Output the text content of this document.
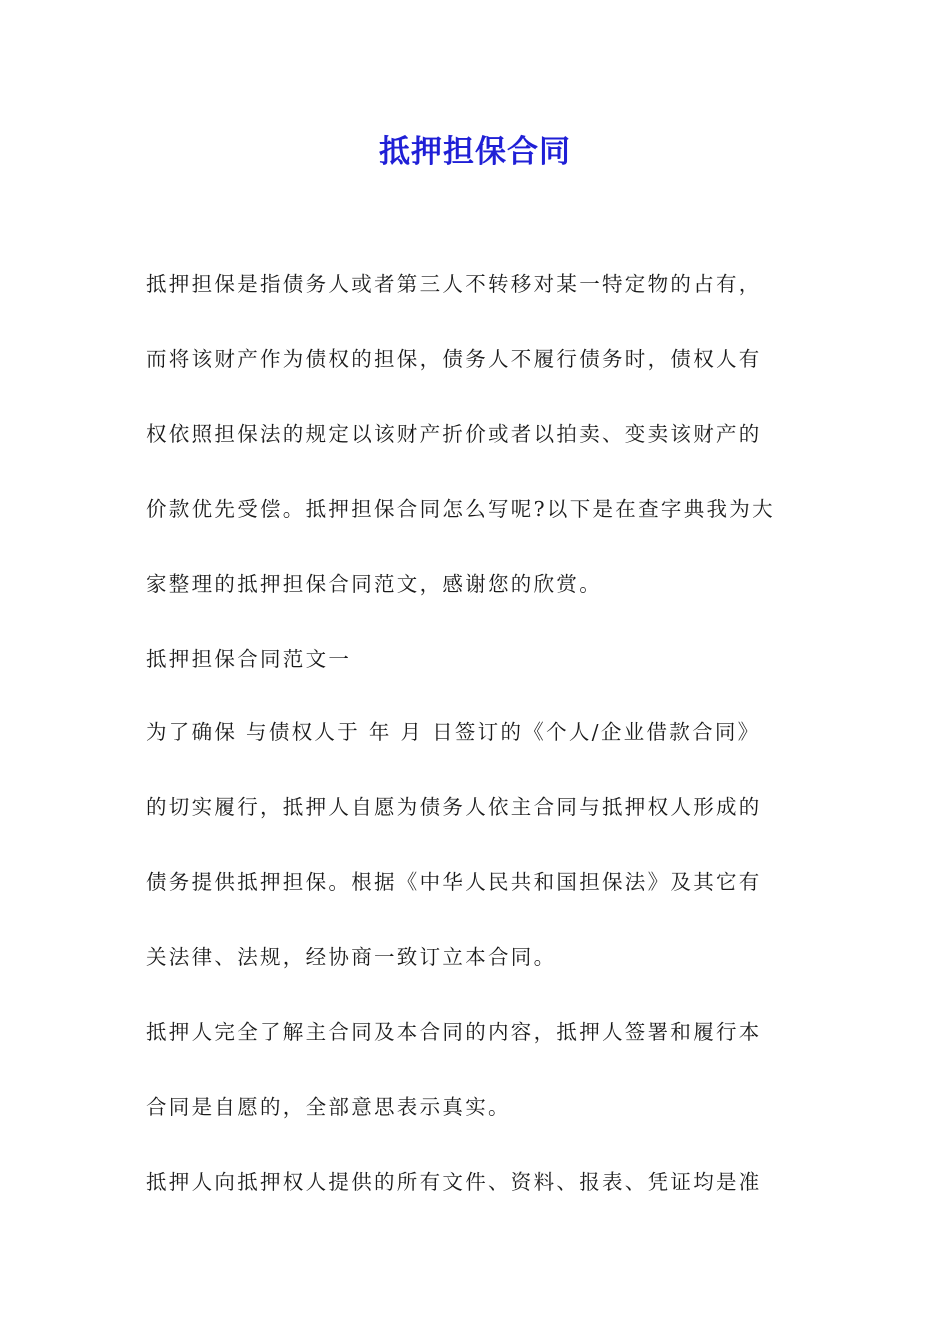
抵押担保合同
抵押担保是指债务人或者第三人不转移对某一特定物的占有，
而将该财产作为债权的担保，债务人不履行债务时，债权人有
权依照担保法的规定以该财产折价或者以拍卖、变卖该财产的
价款优先受偿。抵押担保合同怎么写呢?以下是在查字典我为大
家整理的抵押担保合同范文，感谢您的欣赏。
抵押担保合同范文一
为了确保 与债权人于 年 月 日签订的《个人/企业借款合同》
的切实履行，抵押人自愿为债务人依主合同与抵押权人形成的
债务提供抵押担保。根据《中华人民共和国担保法》及其它有
关法律、法规，经协商一致订立本合同。
抵押人完全了解主合同及本合同的内容，抵押人签署和履行本
合同是自愿的，全部意思表示真实。
抵押人向抵押权人提供的所有文件、资料、报表、凭证均是准
